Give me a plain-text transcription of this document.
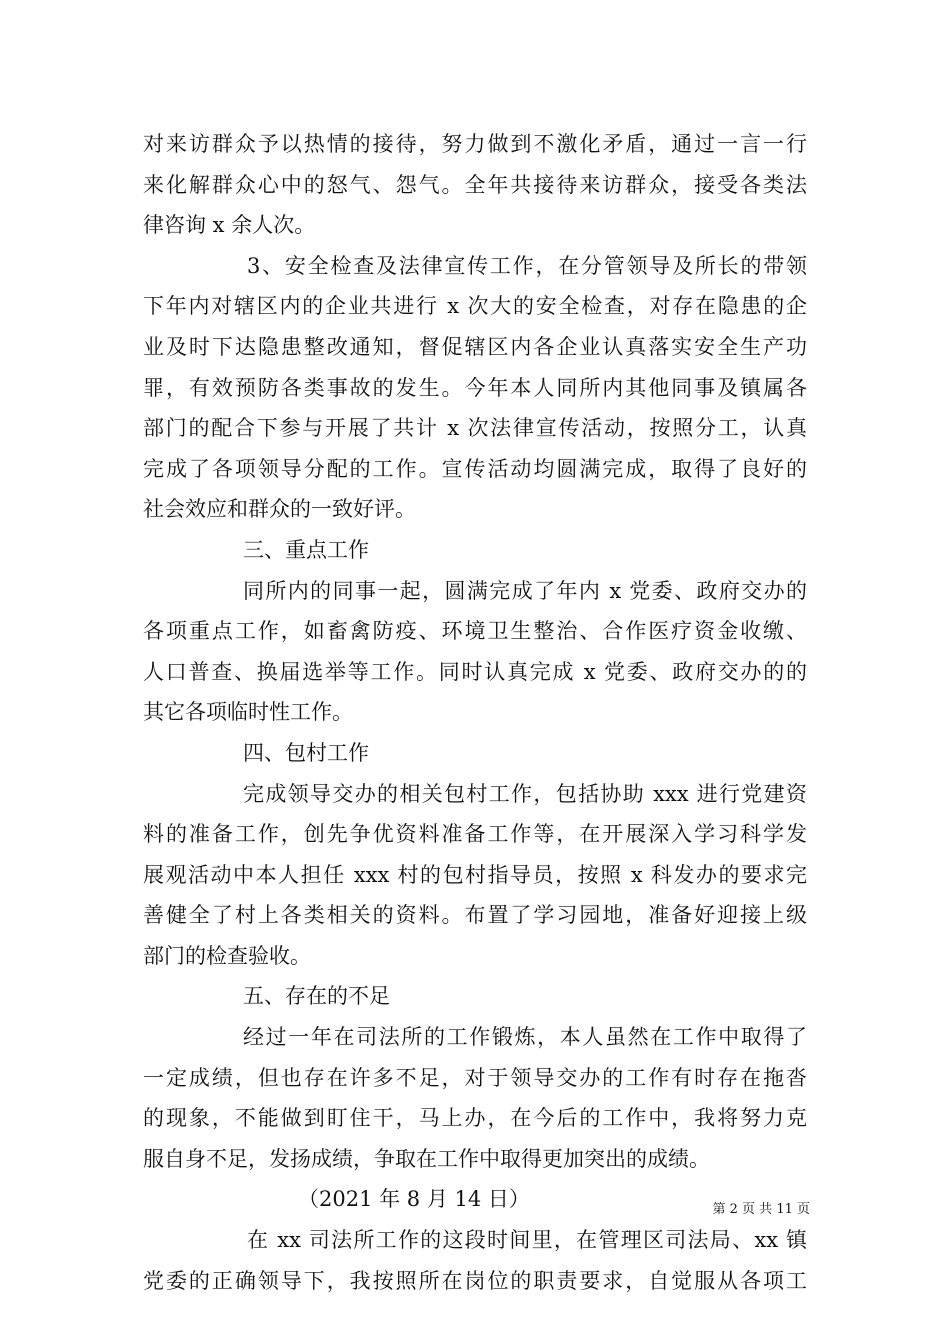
对来访群众予以热情的接待，努力做到不激化矛盾，通过一言一行
来化解群众心中的怒气、怨气。全年共接待来访群众，接受各类法
律咨询 x 余人次。
3、安全检查及法律宣传工作，在分管领导及所长的带领
下年内对辖区内的企业共进行 x 次大的安全检查，对存在隐患的企
业及时下达隐患整改通知，督促辖区内各企业认真落实安全生产功
罪，有效预防各类事故的发生。今年本人同所内其他同事及镇属各
部门的配合下参与开展了共计 x 次法律宣传活动，按照分工，认真
完成了各项领导分配的工作。宣传活动均圆满完成，取得了良好的
社会效应和群众的一致好评。
三、重点工作
同所内的同事一起，圆满完成了年内 x 党委、政府交办的
各项重点工作，如畜禽防疫、环境卫生整治、合作医疗资金收缴、
人口普查、换届选举等工作。同时认真完成 x 党委、政府交办的的
其它各项临时性工作。
四、包村工作
完成领导交办的相关包村工作，包括协助 xxx 进行党建资
料的准备工作，创先争优资料准备工作等，在开展深入学习科学发
展观活动中本人担任 xxx 村的包村指导员，按照 x 科发办的要求完
善健全了村上各类相关的资料。布置了学习园地，准备好迎接上级
部门的检查验收。
五、存在的不足
经过一年在司法所的工作锻炼，本人虽然在工作中取得了
一定成绩，但也存在许多不足，对于领导交办的工作有时存在拖沓
的现象，不能做到盯住干，马上办，在今后的工作中，我将努力克
服自身不足，发扬成绩，争取在工作中取得更加突出的成绩。
（2021 年 8 月 14 日）
在 xx 司法所工作的这段时间里，在管理区司法局、xx 镇
党委的正确领导下，我按照所在岗位的职责要求，自觉服从各项工
第 2 页 共 11 页
